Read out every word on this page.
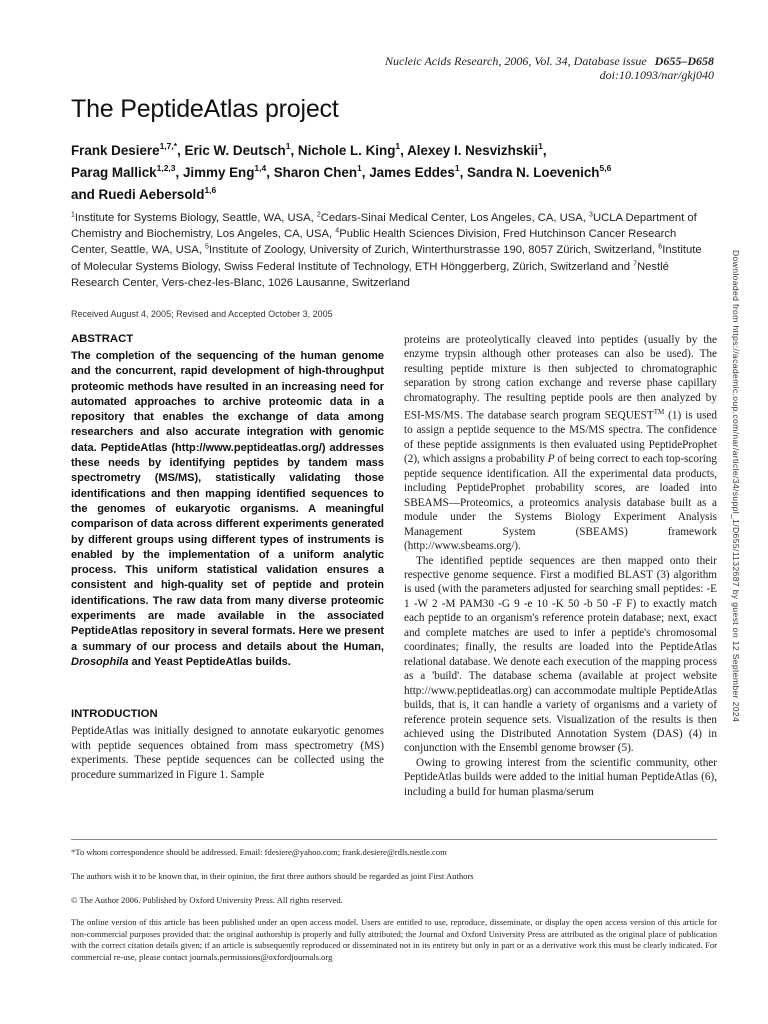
Nucleic Acids Research, 2006, Vol. 34, Database issue D655–D658
doi:10.1093/nar/gkj040
The PeptideAtlas project
Frank Desiere$^{1,7,*}$, Eric W. Deutsch$^1$, Nichole L. King$^1$, Alexey I. Nesvizhskii$^1$,
Parag Mallick$^{1,2,3}$, Jimmy Eng$^{1,4}$, Sharon Chen$^1$, James Eddes$^1$, Sandra N. Loevenich$^{5,6}$
and Ruedi Aebersold$^{1,6}$
$^1$Institute for Systems Biology, Seattle, WA, USA, $^2$Cedars-Sinai Medical Center, Los Angeles, CA, USA, $^3$UCLA Department of Chemistry and Biochemistry, Los Angeles, CA, USA, $^4$Public Health Sciences Division, Fred Hutchinson Cancer Research Center, Seattle, WA, USA, $^5$Institute of Zoology, University of Zurich, Winterthurstrasse 190, 8057 Zürich, Switzerland, $^6$Institute of Molecular Systems Biology, Swiss Federal Institute of Technology, ETH Hönggerberg, Zürich, Switzerland and $^7$Nestlé Research Center, Vers-chez-les-Blanc, 1026 Lausanne, Switzerland
Received August 4, 2005; Revised and Accepted October 3, 2005	Downloaded from https://academic.oup.com/nar/article/34/suppl_1/D655/1132687 by guest on 12 September 2024
ABSTRACT

The completion of the sequencing of the human genome and the concurrent, rapid development of high-throughput proteomic methods have resulted in an increasing need for automated approaches to archive proteomic data in a repository that enables the exchange of data among researchers and also accurate integration with genomic data. PeptideAtlas (http://www.peptideatlas.org/) addresses these needs by identifying peptides by tandem mass spectrometry (MS/MS), statistically validating those identifications and then mapping identified sequences to the genomes of eukaryotic organisms. A meaningful comparison of data across different experiments generated by different groups using different types of instruments is enabled by the implementation of a uniform analytic process. This uniform statistical validation ensures a consistent and high-quality set of peptide and protein identifications. The raw data from many diverse proteomic experiments are made available in the associated PeptideAtlas repository in several formats. Here we present a summary of our process and details about the Human, Drosophila and Yeast PeptideAtlas builds.

INTRODUCTION

PeptideAtlas was initially designed to annotate eukaryotic genomes with peptide sequences obtained from mass spectrometry (MS) experiments. These peptide sequences can be collected using the procedure summarized in Figure 1. Sample

proteins are proteolytically cleaved into peptides (usually by the enzyme trypsin although other proteases can also be used). The resulting peptide mixture is then subjected to chromatographic separation by strong cation exchange and reverse phase capillary chromatography. The resulting peptide pools are then analyzed by ESI-MS/MS. The database search program SEQUEST™ (1) is used to assign a peptide sequence to the MS/MS spectra. The confidence of these peptide assignments is then evaluated using PeptideProphet (2), which assigns a probability P of being correct to each top-scoring peptide sequence identification. All the experimental data products, including PeptideProphet probability scores, are loaded into SBEAMS—Proteomics, a proteomics analysis database built as a module under the Systems Biology Experiment Analysis Management System (SBEAMS) framework (http://www.sbeams.org/).

The identified peptide sequences are then mapped onto their respective genome sequence. First a modified BLAST (3) algorithm is used (with the parameters adjusted for searching small peptides: -E 1 -W 2 -M PAM30 -G 9 -e 10 -K 50 -b 50 -F F) to exactly match each peptide to an organism's reference protein database; next, exact and complete matches are used to infer a peptide's chromosomal coordinates; finally, the results are loaded into the PeptideAtlas relational database. We denote each execution of the mapping process as a 'build'. The database schema (available at project website http://www.peptideatlas.org) can accommodate multiple PeptideAtlas builds, that is, it can handle a variety of organisms and a variety of reference protein sequence sets. Visualization of the results is then achieved using the Distributed Annotation System (DAS) (4) in conjunction with the Ensembl genome browser (5).

Owing to growing interest from the scientific community, other PeptideAtlas builds were added to the initial human PeptideAtlas (6), including a build for human plasma/serum

*To whom correspondence should be addressed. Email: fdesiere@yahoo.com; frank.desiere@rdls.nestle.com

The authors wish it to be known that, in their opinion, the first three authors should be regarded as joint First Authors

© The Author 2006. Published by Oxford University Press. All rights reserved.

The online version of this article has been published under an open access model. Users are entitled to use, reproduce, disseminate, or display the open access version of this article for non-commercial purposes provided that: the original authorship is properly and fully attributed; the Journal and Oxford University Press are attributed as the original place of publication with the correct citation details given; if an article is subsequently reproduced or disseminated not in its entirety but only in part or as a derivative work this must be clearly indicated. For commercial re-use, please contact journals.permissions@oxfordjournals.org
